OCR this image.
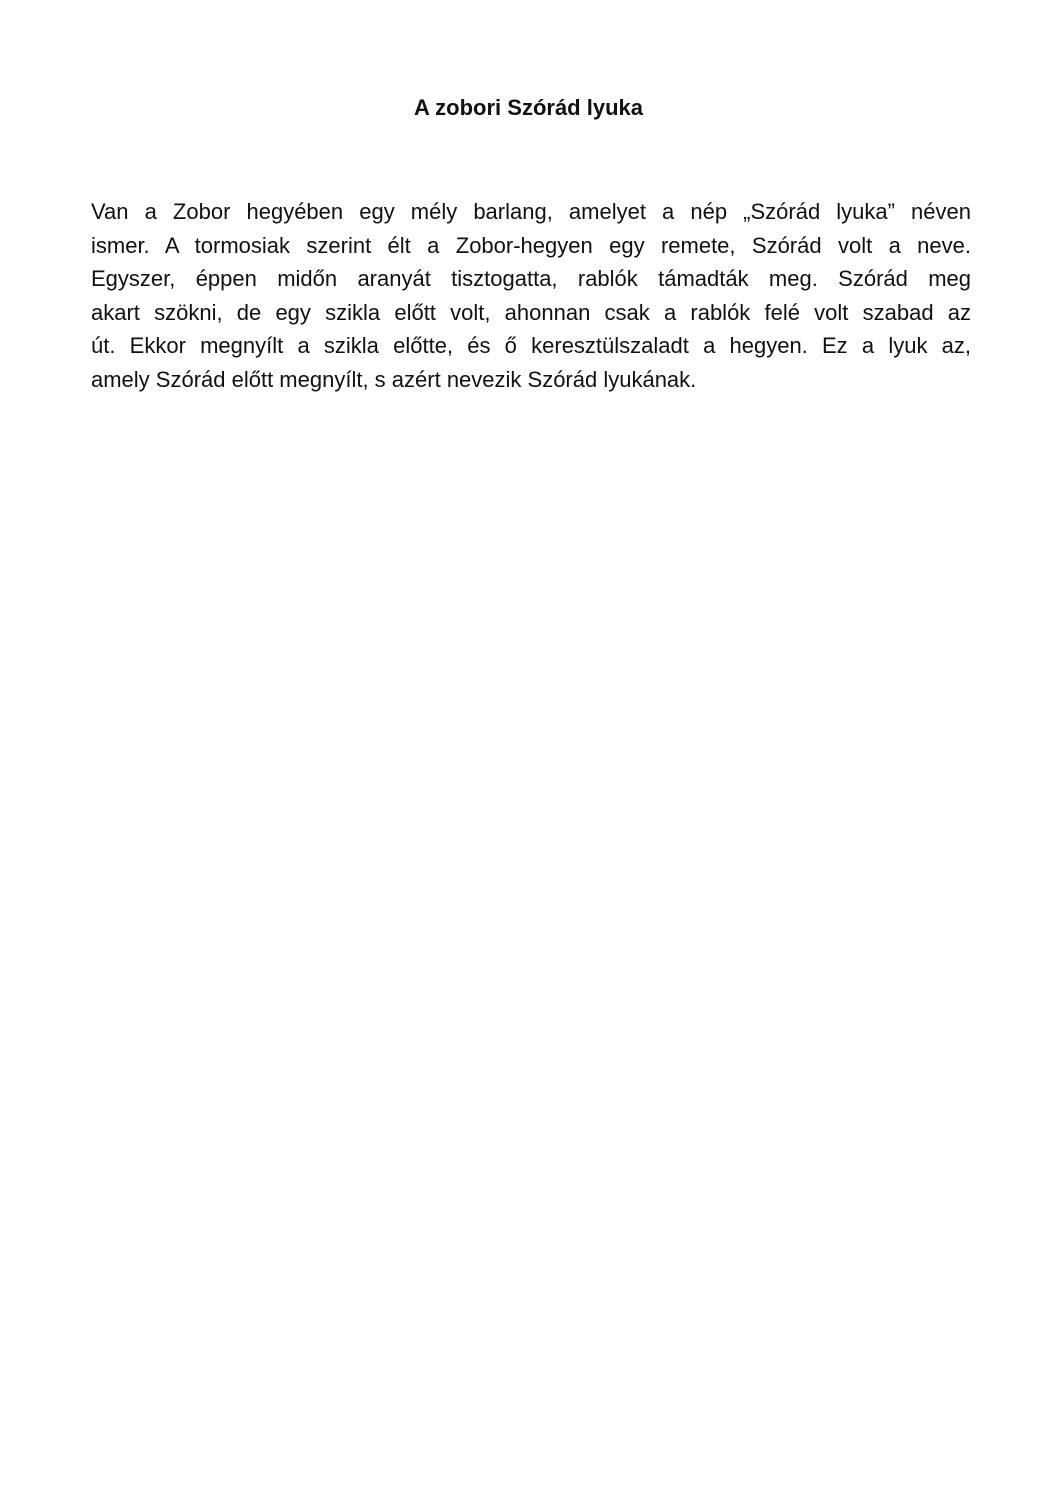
A zobori Szórád lyuka
Van a Zobor hegyében egy mély barlang, amelyet a nép „Szórád lyuka” néven
ismer. A tormosiak szerint élt a Zobor-hegyen egy remete, Szórád volt a neve.
Egyszer, éppen midőn aranyát tisztogatta, rablók támadták meg. Szórád meg
akart szökni, de egy szikla előtt volt, ahonnan csak a rablók felé volt szabad az
út. Ekkor megnyílt a szikla előtte, és ő keresztülszaladt a hegyen. Ez a lyuk az,
amely Szórád előtt megnyílt, s azért nevezik Szórád lyukának.
